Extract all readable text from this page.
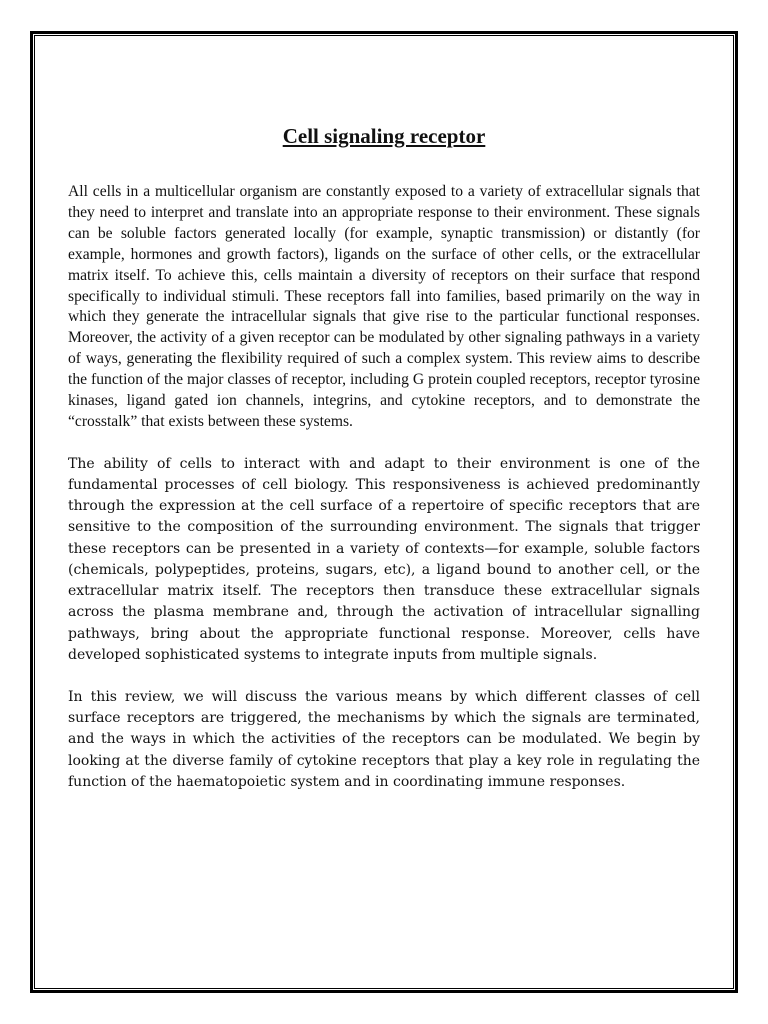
Cell signaling receptor

All cells in a multicellular organism are constantly exposed to a variety of extracellular signals that they need to interpret and translate into an appropriate response to their environment. These signals can be soluble factors generated locally (for example, synaptic transmission) or distantly (for example, hormones and growth factors), ligands on the surface of other cells, or the extracellular matrix itself. To achieve this, cells maintain a diversity of receptors on their surface that respond specifically to individual stimuli. These receptors fall into families, based primarily on the way in which they generate the intracellular signals that give rise to the particular functional responses. Moreover, the activity of a given receptor can be modulated by other signaling pathways in a variety of ways, generating the flexibility required of such a complex system. This review aims to describe the function of the major classes of receptor, including G protein coupled receptors, receptor tyrosine kinases, ligand gated ion channels, integrins, and cytokine receptors, and to demonstrate the “crosstalk” that exists between these systems.

The ability of cells to interact with and adapt to their environment is one of the fundamental processes of cell biology. This responsiveness is achieved predominantly through the expression at the cell surface of a repertoire of specific receptors that are sensitive to the composition of the surrounding environment. The signals that trigger these receptors can be presented in a variety of contexts—for example, soluble factors (chemicals, polypeptides, proteins, sugars, etc), a ligand bound to another cell, or the extracellular matrix itself. The receptors then transduce these extracellular signals across the plasma membrane and, through the activation of intracellular signalling pathways, bring about the appropriate functional response. Moreover, cells have developed sophisticated systems to integrate inputs from multiple signals.

In this review, we will discuss the various means by which different classes of cell surface receptors are triggered, the mechanisms by which the signals are terminated, and the ways in which the activities of the receptors can be modulated. We begin by looking at the diverse family of cytokine receptors that play a key role in regulating the function of the haematopoietic system and in coordinating immune responses.
